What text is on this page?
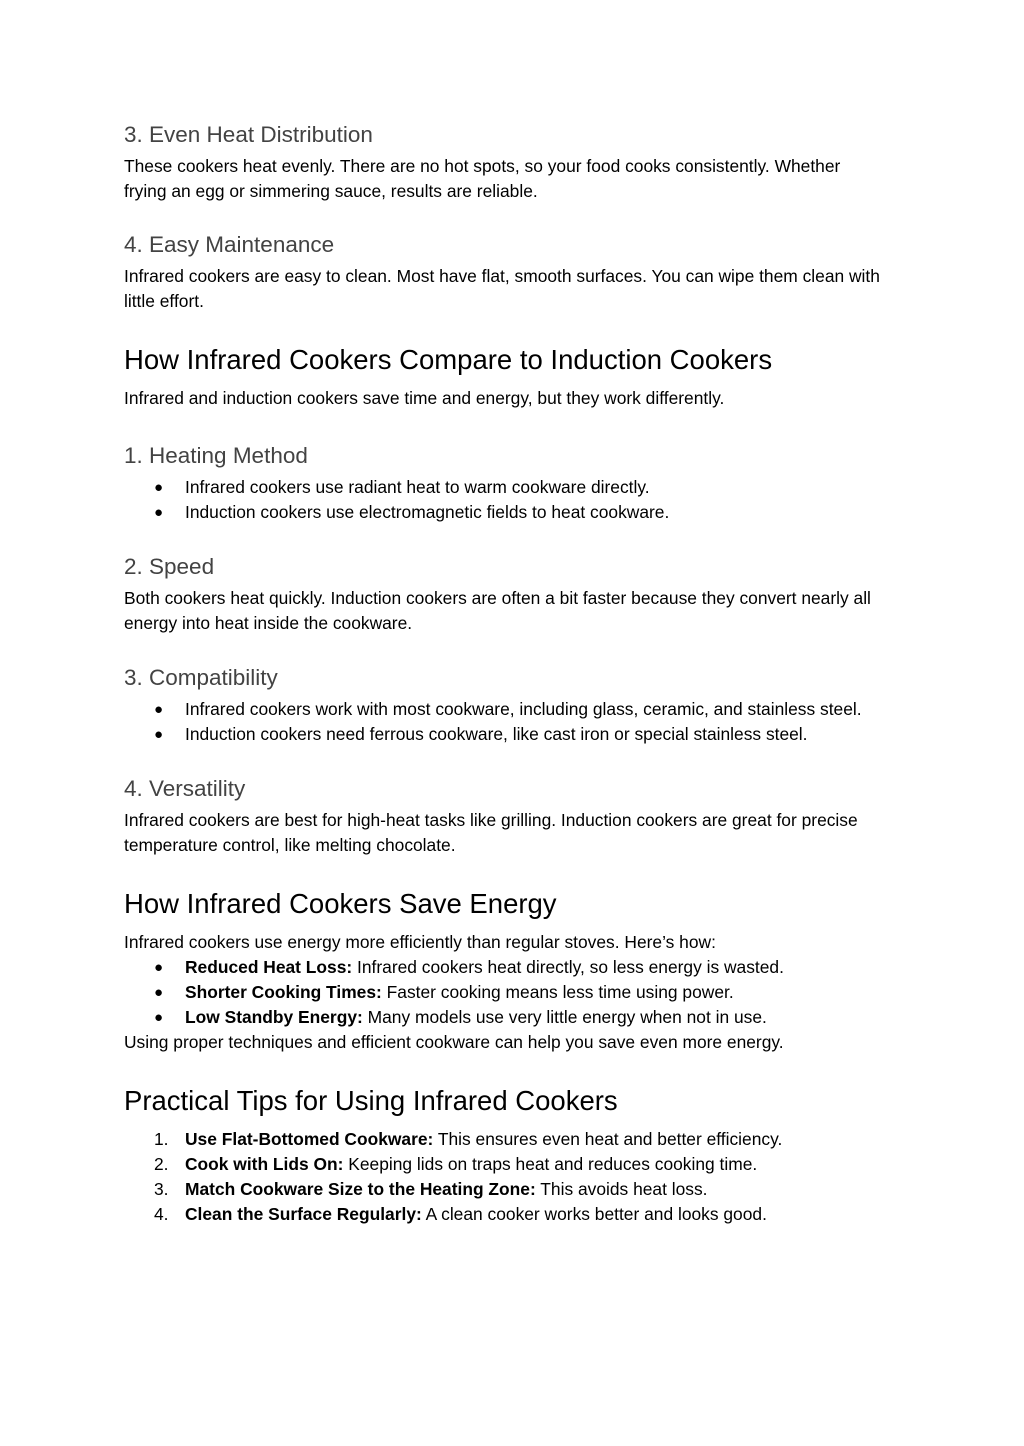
3. Even Heat Distribution

These cookers heat evenly. There are no hot spots, so your food cooks consistently. Whether frying an egg or simmering sauce, results are reliable.

4. Easy Maintenance

Infrared cookers are easy to clean. Most have flat, smooth surfaces. You can wipe them clean with little effort.

How Infrared Cookers Compare to Induction Cookers

Infrared and induction cookers save time and energy, but they work differently.

1. Heating Method
● Infrared cookers use radiant heat to warm cookware directly.
● Induction cookers use electromagnetic fields to heat cookware.
2. Speed

Both cookers heat quickly. Induction cookers are often a bit faster because they convert nearly all energy into heat inside the cookware.

3. Compatibility
● Infrared cookers work with most cookware, including glass, ceramic, and stainless steel.
● Induction cookers need ferrous cookware, like cast iron or special stainless steel.
4. Versatility

Infrared cookers are best for high-heat tasks like grilling. Induction cookers are great for precise temperature control, like melting chocolate.

How Infrared Cookers Save Energy

Infrared cookers use energy more efficiently than regular stoves. Here’s how:

● Reduced Heat Loss: Infrared cookers heat directly, so less energy is wasted.
● Shorter Cooking Times: Faster cooking means less time using power.
● Low Standby Energy: Many models use very little energy when not in use.

Using proper techniques and efficient cookware can help you save even more energy.

Practical Tips for Using Infrared Cookers
1. Use Flat-Bottomed Cookware: This ensures even heat and better efficiency.
2. Cook with Lids On: Keeping lids on traps heat and reduces cooking time.
3. Match Cookware Size to the Heating Zone: This avoids heat loss.
4. Clean the Surface Regularly: A clean cooker works better and looks good.
